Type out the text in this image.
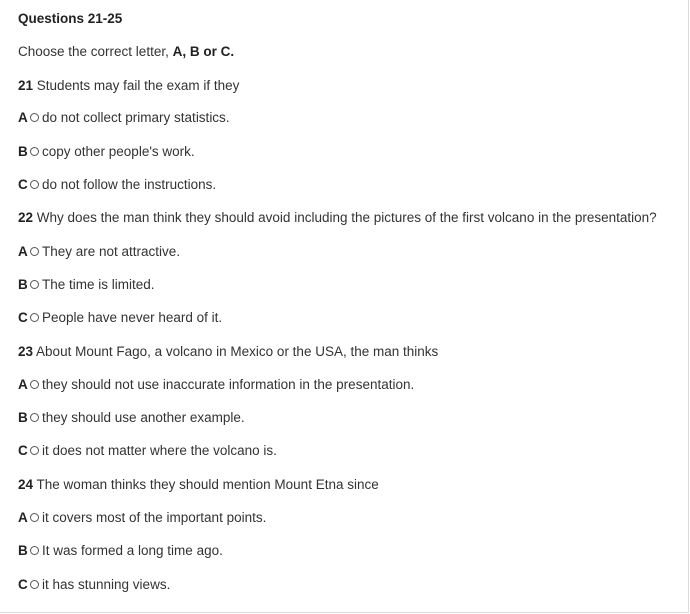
Questions 21-25
Choose the correct letter, A, B or C.
21 Students may fail the exam if they
A do not collect primary statistics.
B copy other people's work.
C do not follow the instructions.
22 Why does the man think they should avoid including the pictures of the first volcano in the presentation?
A They are not attractive.
B The time is limited.
C People have never heard of it.
23 About Mount Fago, a volcano in Mexico or the USA, the man thinks
A they should not use inaccurate information in the presentation.
B they should use another example.
C it does not matter where the volcano is.
24 The woman thinks they should mention Mount Etna since
A it covers most of the important points.
B It was formed a long time ago.
C it has stunning views.
